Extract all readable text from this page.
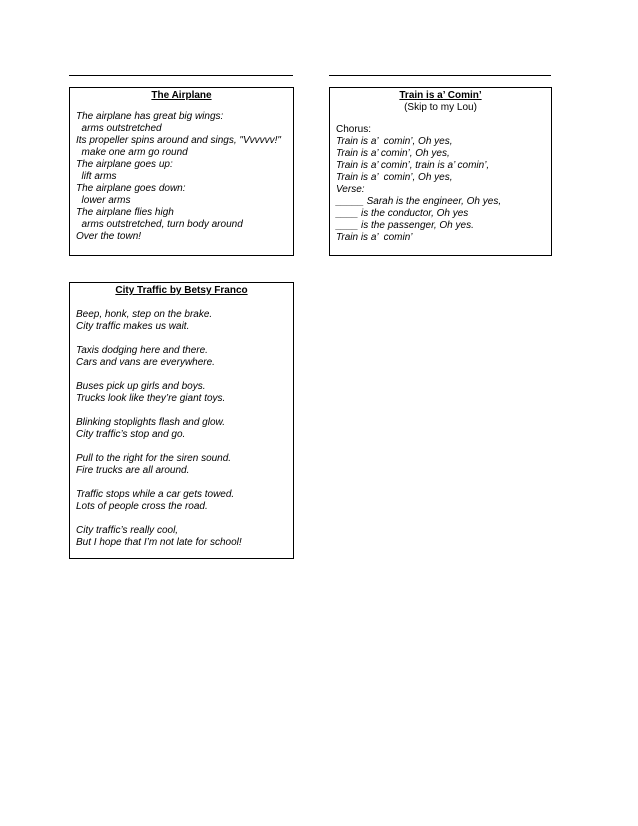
The Airplane

The airplane has great big wings:

arms outstretched

Its propeller spins around and sings, "Vvvvvv!"

make one arm go round

The airplane goes up:

lift arms

The airplane goes down:

lower arms

The airplane flies high

arms outstretched, turn body around

Over the town!

Train is a’ Comin’

(Skip to my Lou)

Chorus:

Train is a’  comin’, Oh yes,

Train is a’ comin’, Oh yes,

Train is a’ comin’, train is a’ comin’,

Train is a’  comin’, Oh yes,

Verse:

_____ Sarah is the engineer, Oh yes,

____ is the conductor, Oh yes

____ is the passenger, Oh yes.

Train is a’  comin’

City Traffic by Betsy Franco

Beep, honk, step on the brake.

City traffic makes us wait.

Taxis dodging here and there.

Cars and vans are everywhere.

Buses pick up girls and boys.

Trucks look like they’re giant toys.

Blinking stoplights flash and glow.

City traffic’s stop and go.

Pull to the right for the siren sound.

Fire trucks are all around.

Traffic stops while a car gets towed.

Lots of people cross the road.

City traffic’s really cool,

But I hope that I’m not late for school!
